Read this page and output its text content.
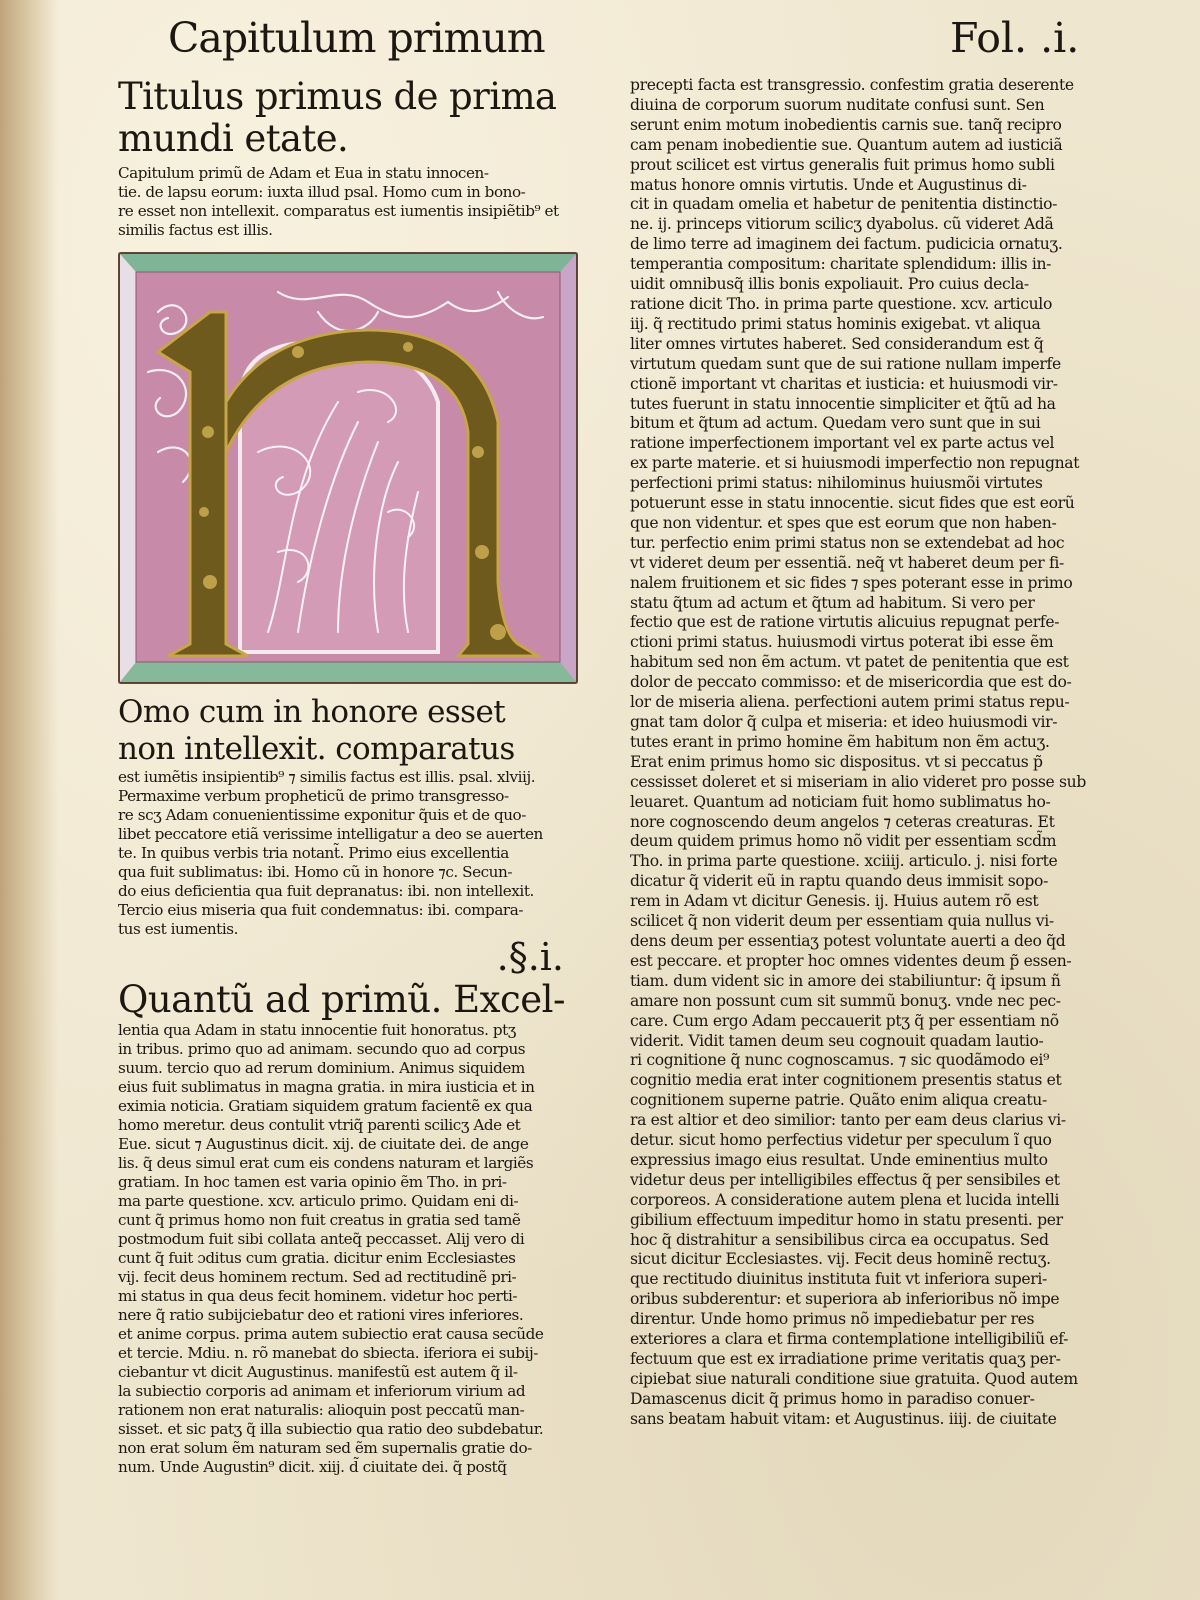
Capitulum primum	Fol. .i.
Titulus primus de prima
mundi etate.
Capitulum primũ de Adam et Eua in statu innocen-
tie. de lapsu eorum: iuxta illud psal. Homo cum in bono-
re esset non intellexit. comparatus est iumentis insipiẽtib⁹ et
similis factus est illis.
H
Omo cum in honore esset
non intellexit. comparatus
est iumẽtis insipientib⁹ ⁊ similis factus est illis. psal. xlviij.
Permaxime verbum propheticũ de primo transgresso-
re scʒ Adam conuenientissime exponitur q̃uis et de quo-
libet peccatore etiã verissime intelligatur a deo se auerten
te. In quibus verbis tria notant̃. Primo eius excellentia
qua fuit sublimatus: ibi. Homo cũ in honore ⁊c. Secun-
do eius deficientia qua fuit depranatus: ibi. non intellexit.
Tercio eius miseria qua fuit condemnatus: ibi. compara-
tus est iumentis.
.§.i.
Quantũ ad primũ. Excel-
lentia qua Adam in statu innocentie fuit honoratus. ptʒ
in tribus. primo quo ad animam. secundo quo ad corpus
suum. tercio quo ad rerum dominium. Animus siquidem
eius fuit sublimatus in magna gratia. in mira iusticia et in
eximia noticia. Gratiam siquidem gratum facientẽ ex qua
homo meretur. deus contulit vtriq̃ parenti scilicʒ Ade et
Eue. sicut ⁊ Augustinus dicit. xij. de ciuitate dei. de ange
lis. q̃ deus simul erat cum eis condens naturam et largiẽs
gratiam. In hoc tamen est varia opinio ẽm Tho. in pri-
ma parte questione. xcv. articulo primo. Quidam eni di-
cunt q̃ primus homo non fuit creatus in gratia sed tamẽ
postmodum fuit sibi collata anteq̃ peccasset. Alij vero di
cunt q̃ fuit ɔditus cum gratia. dicitur enim Ecclesiastes
vij. fecit deus hominem rectum. Sed ad rectitudinẽ pri-
mi status in qua deus fecit hominem. videtur hoc perti-
nere q̃ ratio subijciebatur deo et rationi vires inferiores.
et anime corpus. prima autem subiectio erat causa secũde
et tercie. Mdiu. n. rõ manebat do sbiecta. iferiora ei subij-
ciebantur vt dicit Augustinus. manifestũ est autem q̃ il-
la subiectio corporis ad animam et inferiorum virium ad
rationem non erat naturalis: alioquin post peccatũ man-
sisset. et sic patʒ q̃ illa subiectio qua ratio deo subdebatur.
non erat solum ẽm naturam sed ẽm supernalis gratie do-
num. Unde Augustin⁹ dicit. xiij. d̃ ciuitate dei. q̃ postq̃
precepti facta est transgressio. confestim gratia deserente
diuina de corporum suorum nuditate confusi sunt. Sen
serunt enim motum inobedientis carnis sue. tanq̃ recipro
cam penam inobedientie sue. Quantum autem ad iusticiã
prout scilicet est virtus generalis fuit primus homo subli
matus honore omnis virtutis. Unde et Augustinus di-
cit in quadam omelia et habetur de penitentia distinctio-
ne. ij. princeps vitiorum scilicʒ dyabolus. cũ videret Adã
de limo terre ad imaginem dei factum. pudicicia ornatuʒ.
temperantia compositum: charitate splendidum: illis in-
uidit omnibusq̃ illis bonis expoliauit. Pro cuius decla-
ratione dicit Tho. in prima parte questione. xcv. articulo
iij. q̃ rectitudo primi status hominis exigebat. vt aliqua
liter omnes virtutes haberet. Sed considerandum est q̃
virtutum quedam sunt que de sui ratione nullam imperfe
ctionẽ important vt charitas et iusticia: et huiusmodi vir-
tutes fuerunt in statu innocentie simpliciter et q̃tũ ad ha
bitum et q̃tum ad actum. Quedam vero sunt que in sui
ratione imperfectionem important vel ex parte actus vel
ex parte materie. et si huiusmodi imperfectio non repugnat
perfectioni primi status: nihilominus huiusmõi virtutes
potuerunt esse in statu innocentie. sicut fides que est eorũ
que non videntur. et spes que est eorum que non haben-
tur. perfectio enim primi status non se extendebat ad hoc
vt videret deum per essentiã. neq̃ vt haberet deum per fi-
nalem fruitionem et sic fides ⁊ spes poterant esse in primo
statu q̃tum ad actum et q̃tum ad habitum. Si vero per
fectio que est de ratione virtutis alicuius repugnat perfe-
ctioni primi status. huiusmodi virtus poterat ibi esse ẽm
habitum sed non ẽm actum. vt patet de penitentia que est
dolor de peccato commisso: et de misericordia que est do-
lor de miseria aliena. perfectioni autem primi status repu-
gnat tam dolor q̃ culpa et miseria: et ideo huiusmodi vir-
tutes erant in primo homine ẽm habitum non ẽm actuʒ.
Erat enim primus homo sic dispositus. vt si peccatus p̃
cessisset doleret et si miseriam in alio videret pro posse sub
leuaret. Quantum ad noticiam fuit homo sublimatus ho-
nore cognoscendo deum angelos ⁊ ceteras creaturas. Et
deum quidem primus homo nõ vidit per essentiam scd̃m
Tho. in prima parte questione. xciiij. articulo. j. nisi forte
dicatur q̃ viderit eũ in raptu quando deus immisit sopo-
rem in Adam vt dicitur Genesis. ij. Huius autem rõ est
scilicet q̃ non viderit deum per essentiam quia nullus vi-
dens deum per essentiaʒ potest voluntate auerti a deo q̃d
est peccare. et propter hoc omnes videntes deum p̃ essen-
tiam. dum vident sic in amore dei stabiliuntur: q̃ ipsum ñ
amare non possunt cum sit summũ bonuʒ. vnde nec pec-
care. Cum ergo Adam peccauerit ptʒ q̃ per essentiam nõ
viderit. Vidit tamen deum seu cognouit quadam lautio-
ri cognitione q̃ nunc cognoscamus. ⁊ sic quodãmodo ei⁹
cognitio media erat inter cognitionem presentis status et
cognitionem superne patrie. Quãto enim aliqua creatu-
ra est altior et deo similior: tanto per eam deus clarius vi-
detur. sicut homo perfectius videtur per speculum ĩ quo
expressius imago eius resultat. Unde eminentius multo
videtur deus per intelligibiles effectus q̃ per sensibiles et
corporeos. A consideratione autem plena et lucida intelli
gibilium effectuum impeditur homo in statu presenti. per
hoc q̃ distrahitur a sensibilibus circa ea occupatus. Sed
sicut dicitur Ecclesiastes. vij. Fecit deus hominẽ rectuʒ.
que rectitudo diuinitus instituta fuit vt inferiora superi-
oribus subderentur: et superiora ab inferioribus nõ impe
direntur. Unde homo primus nõ impediebatur per res
exteriores a clara et firma contemplatione intelligibiliũ ef-
fectuum que est ex irradiatione prime veritatis quaʒ per-
cipiebat siue naturali conditione siue gratuita. Quod autem
Damascenus dicit q̃ primus homo in paradiso conuer-
sans beatam habuit vitam: et Augustinus. iiij. de ciuitate
